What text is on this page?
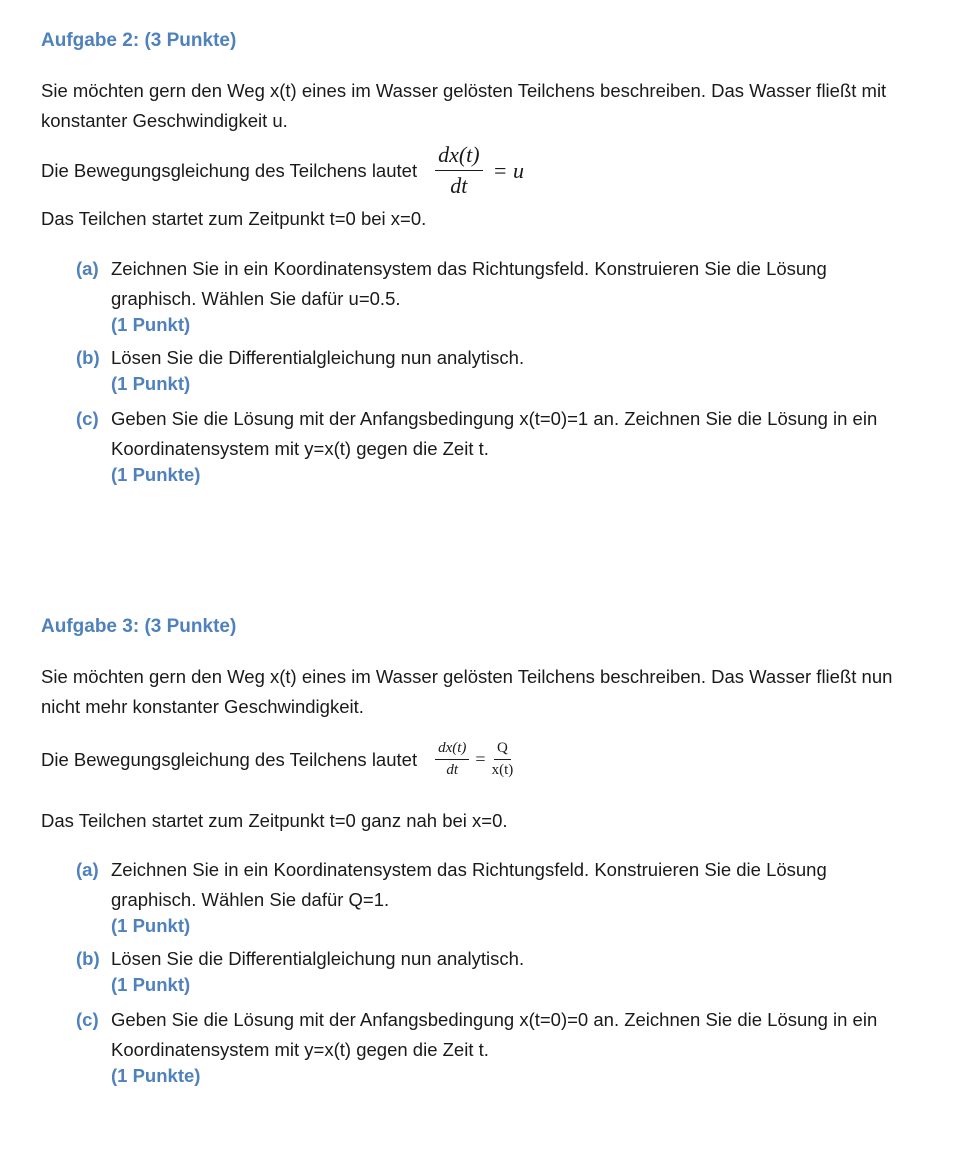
Aufgabe 2: (3 Punkte)
Sie möchten gern den Weg x(t) eines im Wasser gelösten Teilchens beschreiben. Das Wasser fließt mit konstanter Geschwindigkeit u.
Die Bewegungsgleichung des Teilchens lautet $\frac{dx(t)}{dt} = u$
Das Teilchen startet zum Zeitpunkt t=0 bei x=0.
(a) Zeichnen Sie in ein Koordinatensystem das Richtungsfeld. Konstruieren Sie die Lösung
graphisch. Wählen Sie dafür u=0.5.
(1 Punkt)
(b) Lösen Sie die Differentialgleichung nun analytisch.
(1 Punkt)
(c) Geben Sie die Lösung mit der Anfangsbedingung x(t=0)=1 an. Zeichnen Sie die Lösung in ein
Koordinatensystem mit y=x(t) gegen die Zeit t.
(1 Punkte)
Aufgabe 3: (3 Punkte)
Sie möchten gern den Weg x(t) eines im Wasser gelösten Teilchens beschreiben. Das Wasser fließt nun nicht mehr konstanter Geschwindigkeit.
Die Bewegungsgleichung des Teilchens lautet $\frac{dx(t)}{dt} = \frac{Q}{x(t)}$
Das Teilchen startet zum Zeitpunkt t=0 ganz nah bei x=0.
(a) Zeichnen Sie in ein Koordinatensystem das Richtungsfeld. Konstruieren Sie die Lösung
graphisch. Wählen Sie dafür Q=1.
(1 Punkt)
(b) Lösen Sie die Differentialgleichung nun analytisch.
(1 Punkt)
(c) Geben Sie die Lösung mit der Anfangsbedingung x(t=0)=0 an. Zeichnen Sie die Lösung in ein
Koordinatensystem mit y=x(t) gegen die Zeit t.
(1 Punkte)
